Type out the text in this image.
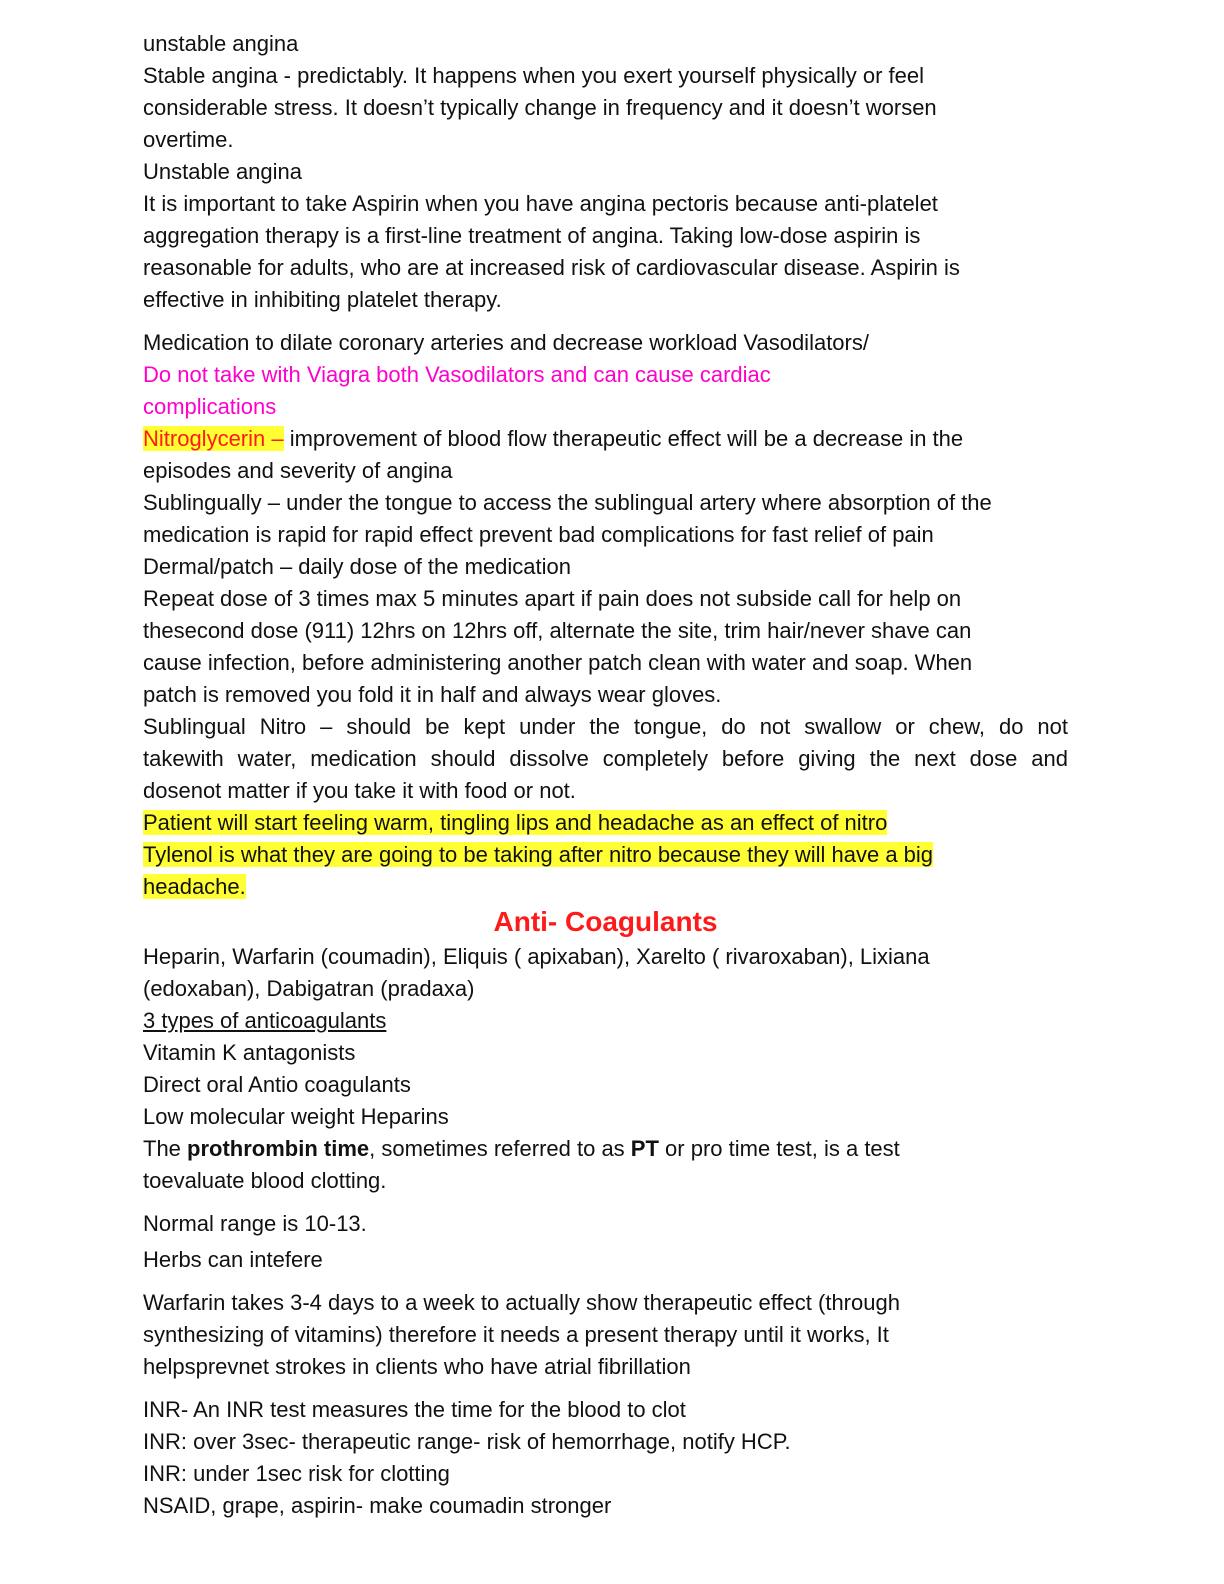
unstable angina
Stable angina - predictably. It happens when you exert yourself physically or feel
considerable stress. It doesn’t typically change in frequency and it doesn’t worsen
overtime.
Unstable angina
It is important to take Aspirin when you have angina pectoris because anti-platelet
aggregation therapy is a first-line treatment of angina. Taking low-dose aspirin is
reasonable for adults, who are at increased risk of cardiovascular disease. Aspirin is
effective in inhibiting platelet therapy.
Medication to dilate coronary arteries and decrease workload Vasodilators/
Do not take with Viagra both Vasodilators and can cause cardiac
complications
Nitroglycerin – improvement of blood flow therapeutic effect will be a decrease in the
episodes and severity of angina
Sublingually – under the tongue to access the sublingual artery where absorption of the
medication is rapid for rapid effect prevent bad complications for fast relief of pain
Dermal/patch – daily dose of the medication
Repeat dose of 3 times max 5 minutes apart if pain does not subside call for help on
thesecond dose (911) 12hrs on 12hrs off, alternate the site, trim hair/never shave can
cause infection, before administering another patch clean with water and soap. When
patch is removed you fold it in half and always wear gloves.
Sublingual Nitro – should be kept under the tongue, do not swallow or chew, do not
takewith water, medication should dissolve completely before giving the next dose and
dosenot matter if you take it with food or not.
Patient will start feeling warm, tingling lips and headache as an effect of nitro
Tylenol is what they are going to be taking after nitro because they will have a big
headache.
Anti- Coagulants
Heparin, Warfarin (coumadin), Eliquis ( apixaban), Xarelto ( rivaroxaban), Lixiana
(edoxaban), Dabigatran (pradaxa)
3 types of anticoagulants
Vitamin K antagonists
Direct oral Antio coagulants
Low molecular weight Heparins
The prothrombin time, sometimes referred to as PT or pro time test, is a test
toevaluate blood clotting.
Normal range is 10-13.
Herbs can intefere
Warfarin takes 3-4 days to a week to actually show therapeutic effect (through
synthesizing of vitamins) therefore it needs a present therapy until it works, It
helpsprevnet strokes in clients who have atrial fibrillation
INR- An INR test measures the time for the blood to clot
INR: over 3sec- therapeutic range- risk of hemorrhage, notify HCP.
INR: under 1sec risk for clotting
NSAID, grape, aspirin- make coumadin stronger
